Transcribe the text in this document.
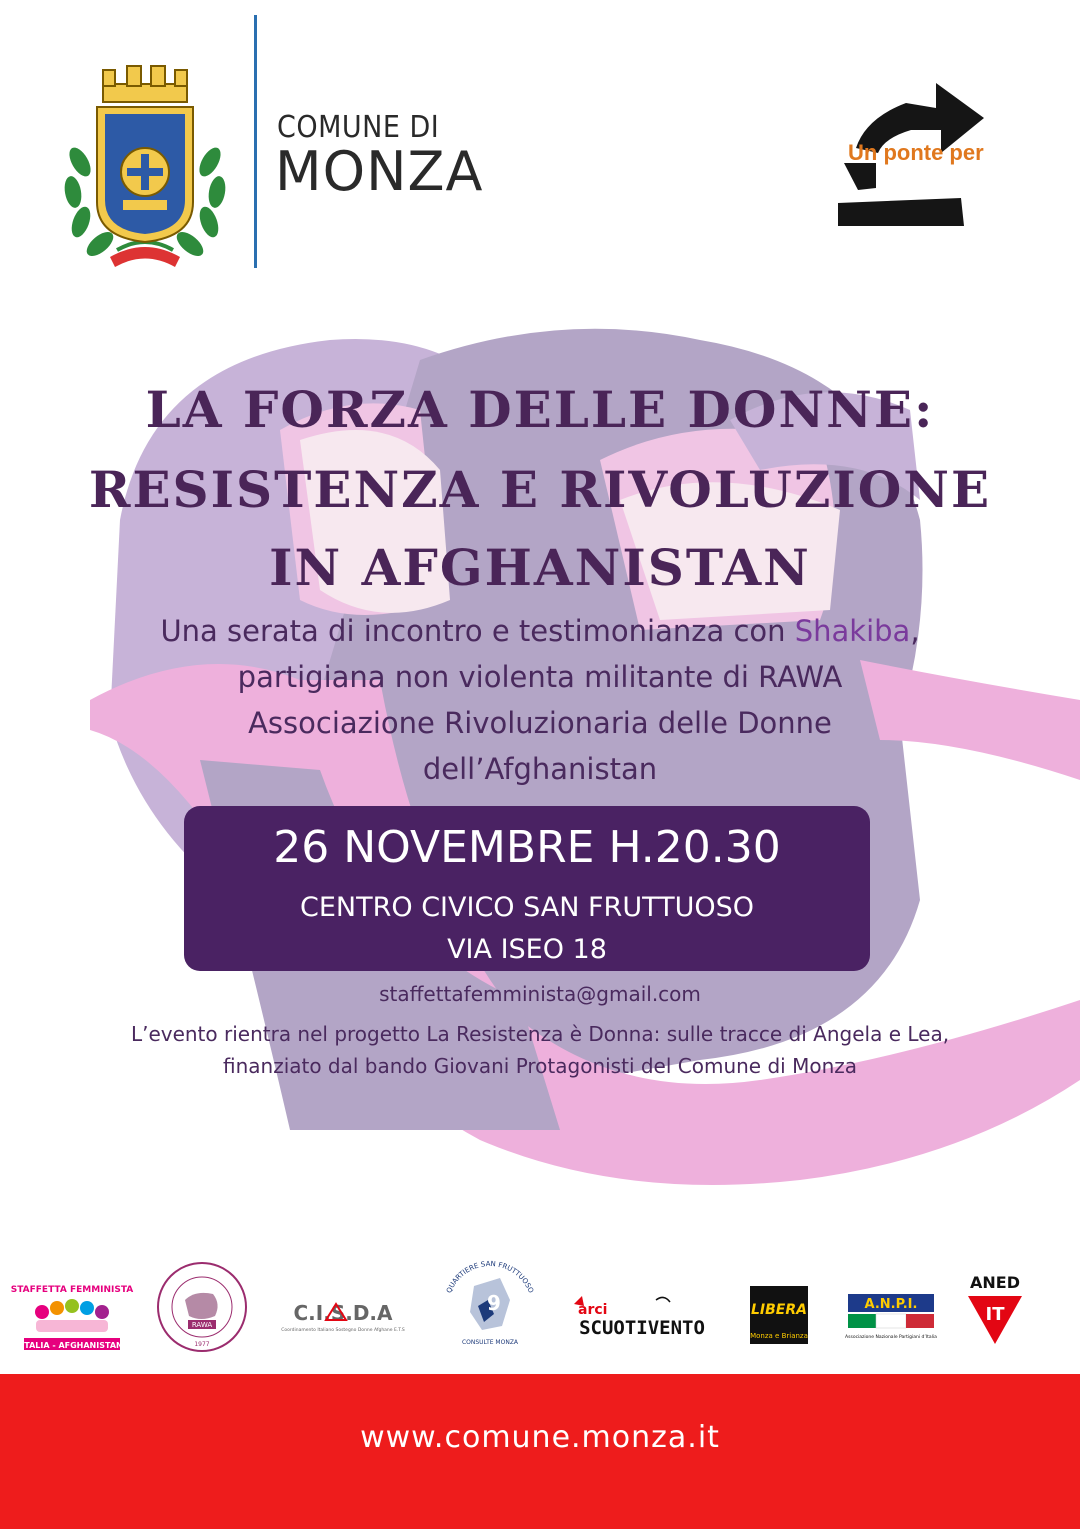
COMUNE DI
MONZA	Un ponte per
LA FORZA DELLE DONNE:
RESISTENZA E RIVOLUZIONE
IN AFGHANISTAN
Una serata di incontro e testimonianza con Shakiba,
partigiana non violenta militante di RAWA
Associazione Rivoluzionaria delle Donne
dell’Afghanistan
26 NOVEMBRE H.20.30
CENTRO CIVICO SAN FRUTTUOSO
VIA ISEO 18
staffettafemminista@gmail.com
L’evento rientra nel progetto La Resistenza è Donna: sulle tracce di Angela e Lea,
finanziato dal bando Giovani Protagonisti del Comune di Monza
STAFFETTA FEMMINISTA
ITALIA - AFGHANISTAN
RAWA
1977
C.I.S.D.A
Coordinamento Italiano Sostegno Donne Afghane E.T.S
QUARTIERE SAN FRUTTUOSO
9
CONSULTE MONZA
arci
SCUOTIVENTO
LIBERA
Monza e Brianza
A.N.P.I.
Associazione Nazionale Partigiani d’Italia
ANED
IT
www.comune.monza.it
